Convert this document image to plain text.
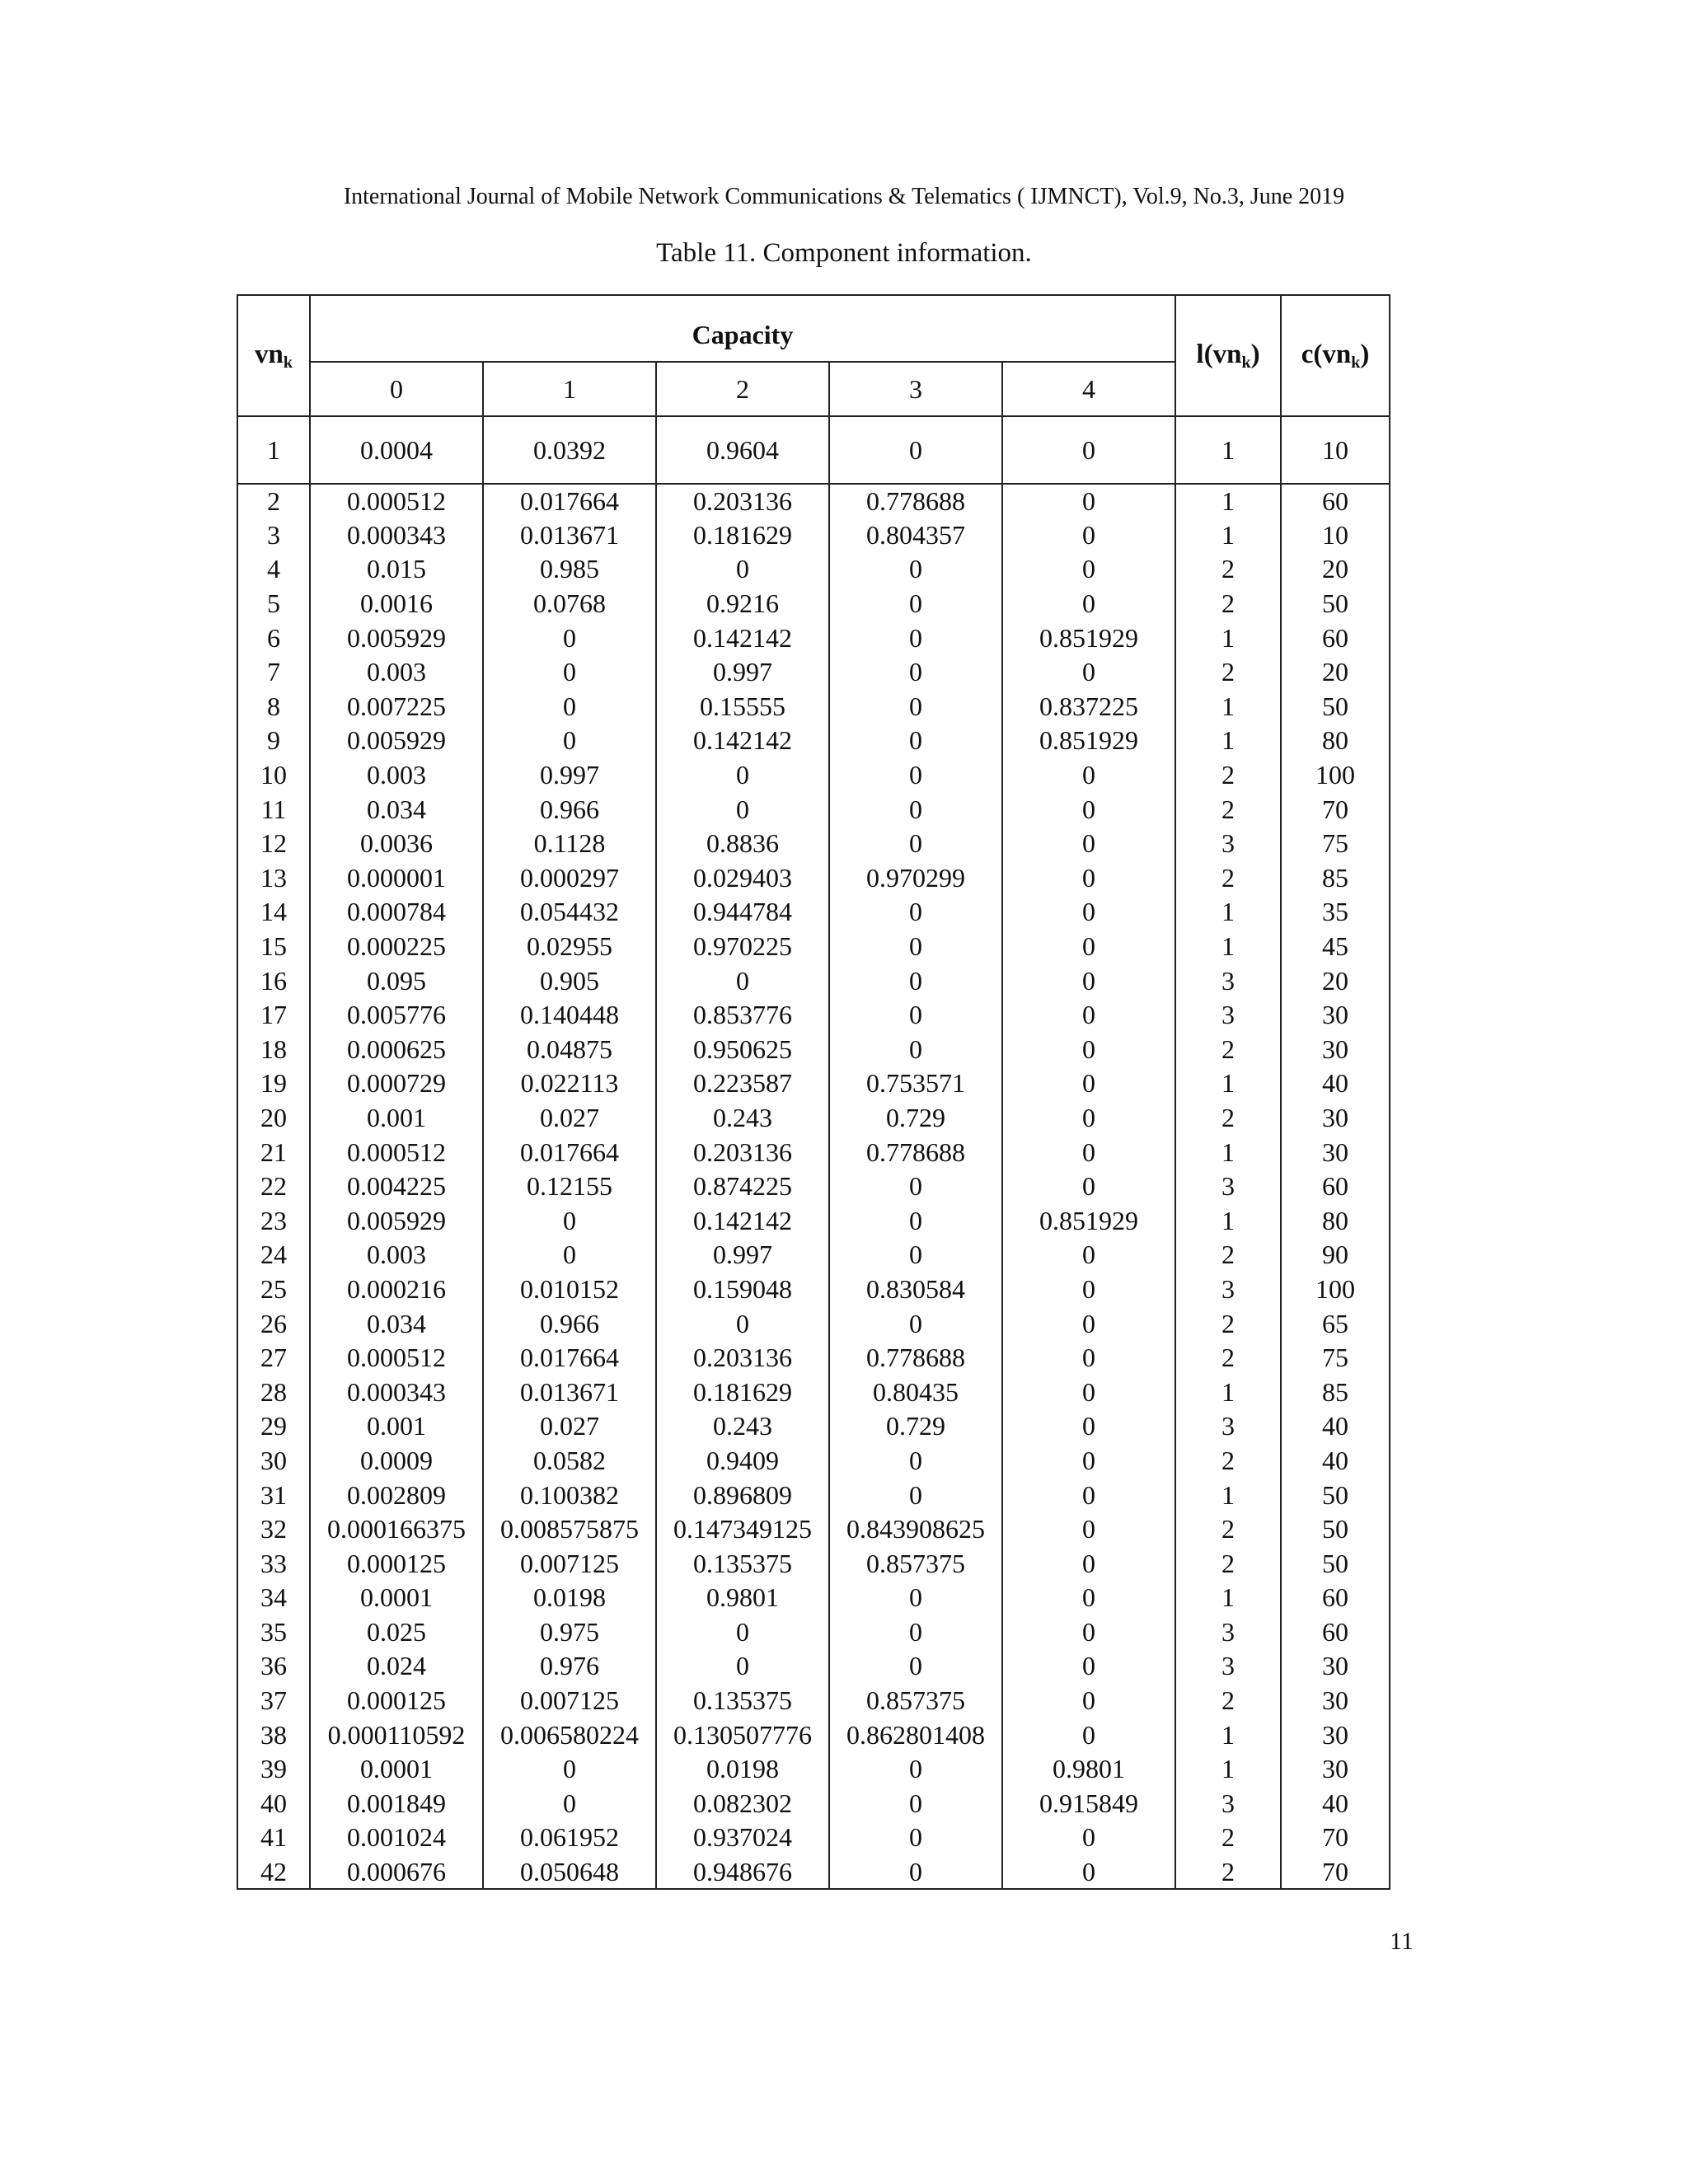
International Journal of Mobile Network Communications & Telematics ( IJMNCT), Vol.9, No.3, June 2019
Table 11. Component information.
$vn_k$	Capacity					$l(vn_k)$	$c(vn_k)$
	0	1	2	3	4		
1	0.0004	0.0392	0.9604	0	0	1	10
2	0.000512	0.017664	0.203136	0.778688	0	1	60
3	0.000343	0.013671	0.181629	0.804357	0	1	10
4	0.015	0.985	0	0	0	2	20
5	0.0016	0.0768	0.9216	0	0	2	50
6	0.005929	0	0.142142	0	0.851929	1	60
7	0.003	0	0.997	0	0	2	20
8	0.007225	0	0.15555	0	0.837225	1	50
9	0.005929	0	0.142142	0	0.851929	1	80
10	0.003	0.997	0	0	0	2	100
11	0.034	0.966	0	0	0	2	70
12	0.0036	0.1128	0.8836	0	0	3	75
13	0.000001	0.000297	0.029403	0.970299	0	2	85
14	0.000784	0.054432	0.944784	0	0	1	35
15	0.000225	0.02955	0.970225	0	0	1	45
16	0.095	0.905	0	0	0	3	20
17	0.005776	0.140448	0.853776	0	0	3	30
18	0.000625	0.04875	0.950625	0	0	2	30
19	0.000729	0.022113	0.223587	0.753571	0	1	40
20	0.001	0.027	0.243	0.729	0	2	30
21	0.000512	0.017664	0.203136	0.778688	0	1	30
22	0.004225	0.12155	0.874225	0	0	3	60
23	0.005929	0	0.142142	0	0.851929	1	80
24	0.003	0	0.997	0	0	2	90
25	0.000216	0.010152	0.159048	0.830584	0	3	100
26	0.034	0.966	0	0	0	2	65
27	0.000512	0.017664	0.203136	0.778688	0	2	75
28	0.000343	0.013671	0.181629	0.80435	0	1	85
29	0.001	0.027	0.243	0.729	0	3	40
30	0.0009	0.0582	0.9409	0	0	2	40
31	0.002809	0.100382	0.896809	0	0	1	50
32	0.000166375	0.008575875	0.147349125	0.843908625	0	2	50
33	0.000125	0.007125	0.135375	0.857375	0	2	50
34	0.0001	0.0198	0.9801	0	0	1	60
35	0.025	0.975	0	0	0	3	60
36	0.024	0.976	0	0	0	3	30
37	0.000125	0.007125	0.135375	0.857375	0	2	30
38	0.000110592	0.006580224	0.130507776	0.862801408	0	1	30
39	0.0001	0	0.0198	0	0.9801	1	30
40	0.001849	0	0.082302	0	0.915849	3	40
41	0.001024	0.061952	0.937024	0	0	2	70
42	0.000676	0.050648	0.948676	0	0	2	70
11
